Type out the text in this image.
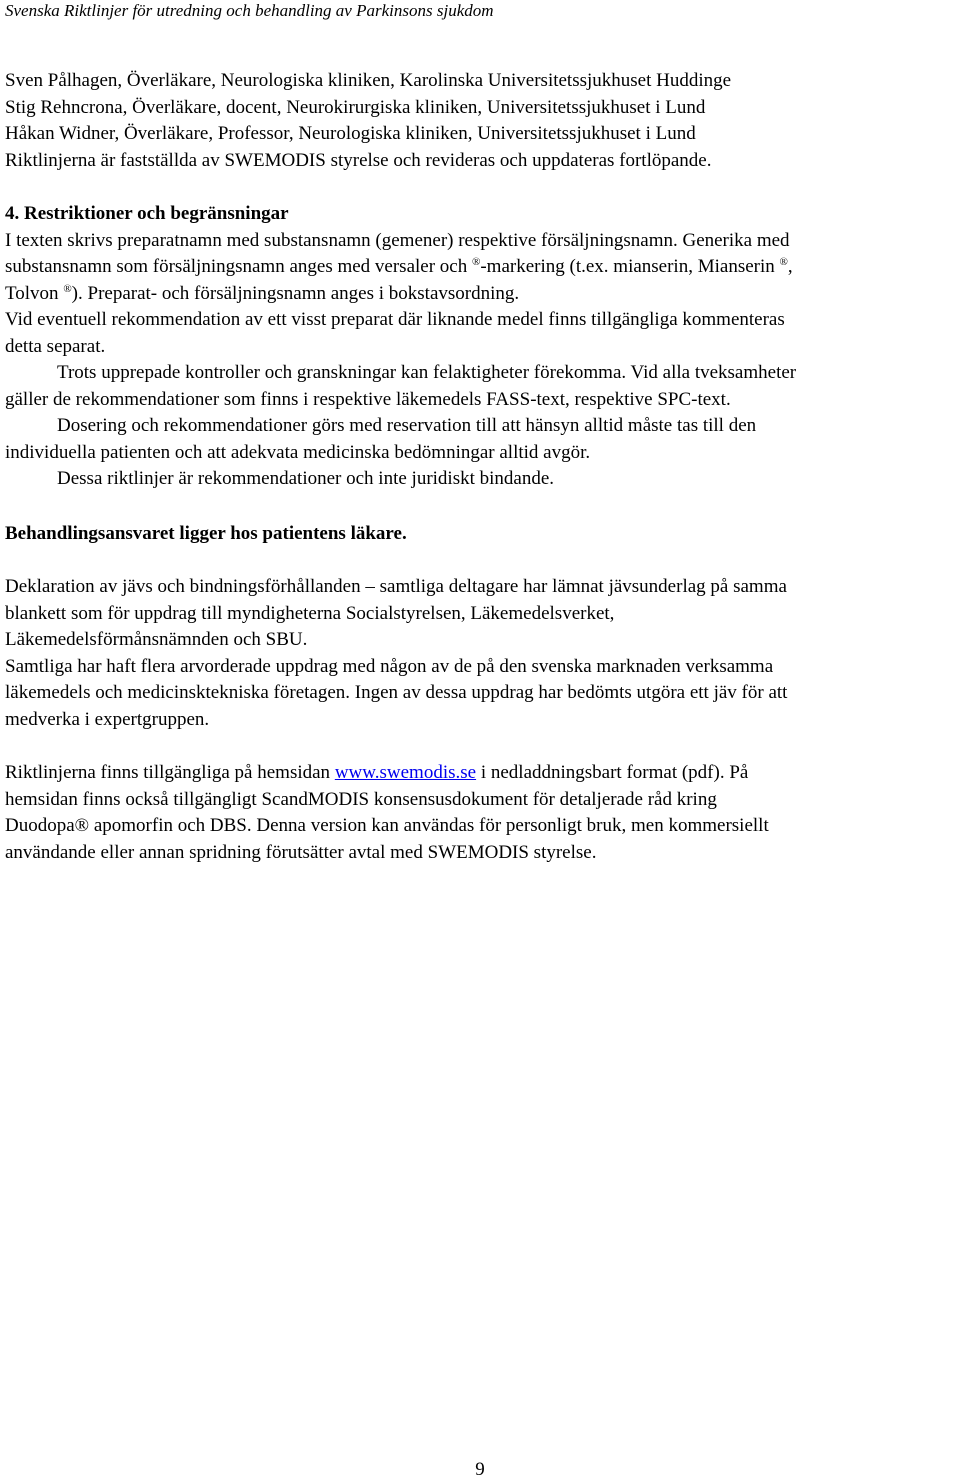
Svenska Riktlinjer för utredning och behandling av Parkinsons sjukdom
Sven Pålhagen, Överläkare, Neurologiska kliniken, Karolinska Universitetssjukhuset Huddinge
Stig Rehncrona, Överläkare, docent, Neurokirurgiska kliniken, Universitetssjukhuset i Lund
Håkan Widner, Överläkare, Professor, Neurologiska kliniken, Universitetssjukhuset i Lund
Riktlinjerna är fastställda av SWEMODIS styrelse och revideras och uppdateras fortlöpande.
4. Restriktioner och begränsningar
I texten skrivs preparatnamn med substansnamn (gemener) respektive försäljningsnamn. Generika med
substansnamn som försäljningsnamn anges med versaler och ®-markering (t.ex. mianserin, Mianserin ®,
Tolvon ®). Preparat- och försäljningsnamn anges i bokstavsordning.
Vid eventuell rekommendation av ett visst preparat där liknande medel finns tillgängliga kommenteras
detta separat.
Trots upprepade kontroller och granskningar kan felaktigheter förekomma. Vid alla tveksamheter
gäller de rekommendationer som finns i respektive läkemedels FASS-text, respektive SPC-text.
Dosering och rekommendationer görs med reservation till att hänsyn alltid måste tas till den
individuella patienten och att adekvata medicinska bedömningar alltid avgör.
Dessa riktlinjer är rekommendationer och inte juridiskt bindande.
Behandlingsansvaret ligger hos patientens läkare.
Deklaration av jävs och bindningsförhållanden – samtliga deltagare har lämnat jävsunderlag på samma
blankett som för uppdrag till myndigheterna Socialstyrelsen, Läkemedelsverket,
Läkemedelsförmånsnämnden och SBU.
Samtliga har haft flera arvorderade uppdrag med någon av de på den svenska marknaden verksamma
läkemedels och medicinsktekniska företagen. Ingen av dessa uppdrag har bedömts utgöra ett jäv för att
medverka i expertgruppen.
Riktlinjerna finns tillgängliga på hemsidan www.swemodis.se i nedladdningsbart format (pdf). På
hemsidan finns också tillgängligt ScandMODIS konsensusdokument för detaljerade råd kring
Duodopa® apomorfin och DBS. Denna version kan användas för personligt bruk, men kommersiellt
användande eller annan spridning förutsätter avtal med SWEMODIS styrelse.
9
